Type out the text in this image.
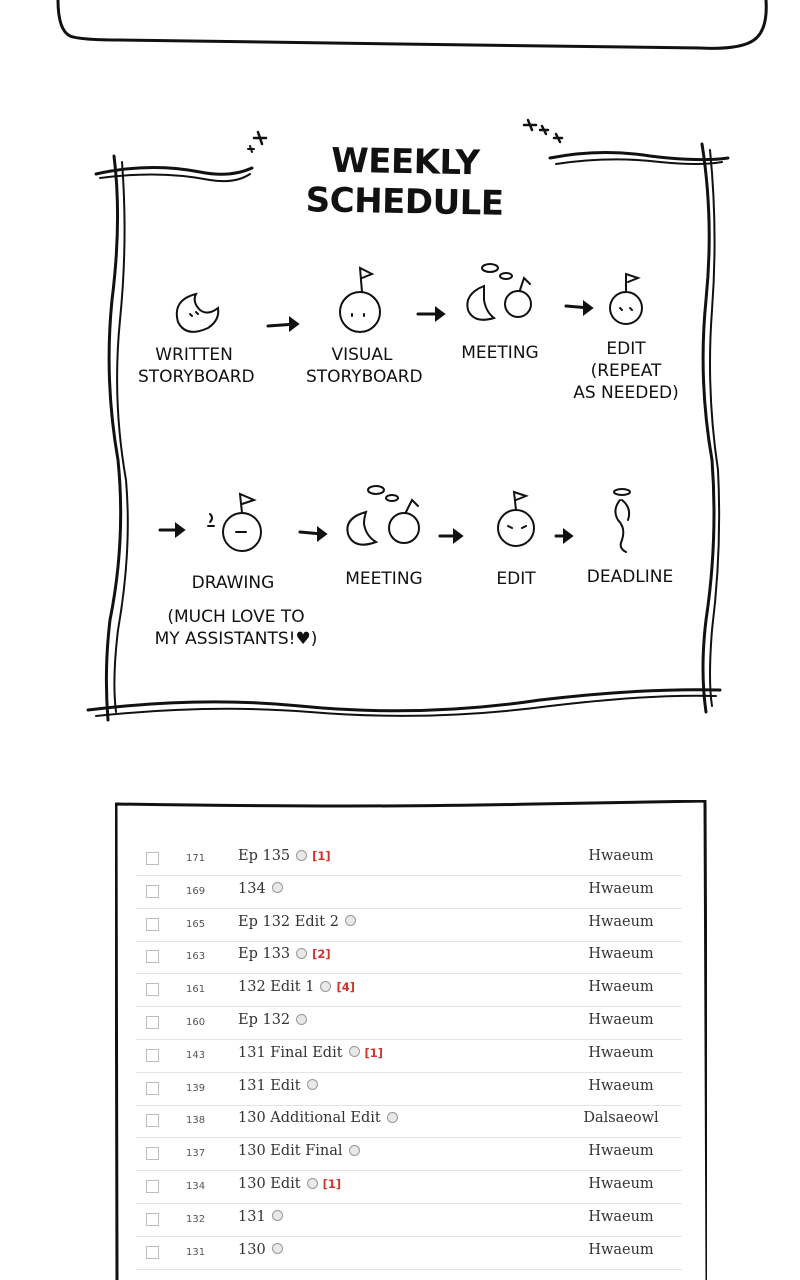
WEEKLY SCHEDULE
WRITTEN
STORYBOARD
VISUAL
STORYBOARD
MEETING	EDIT
(REPEAT
AS NEEDED)
DRAWING
(MUCH LOVE TO
MY ASSISTANTS!♥)
MEETING	EDIT	DEADLINE
171 Ep 135 [1]	Hwaeum
169 134	Hwaeum
165 Ep 132 Edit 2	Hwaeum
163 Ep 133 [2]	Hwaeum
161 132 Edit 1 [4]	Hwaeum
160 Ep 132	Hwaeum
143 131 Final Edit [1]	Hwaeum
139 131 Edit	Hwaeum
138 130 Additional Edit	Dalsaeowl
137 130 Edit Final	Hwaeum
134 130 Edit [1]	Hwaeum
132 131	Hwaeum
131 130	Hwaeum
